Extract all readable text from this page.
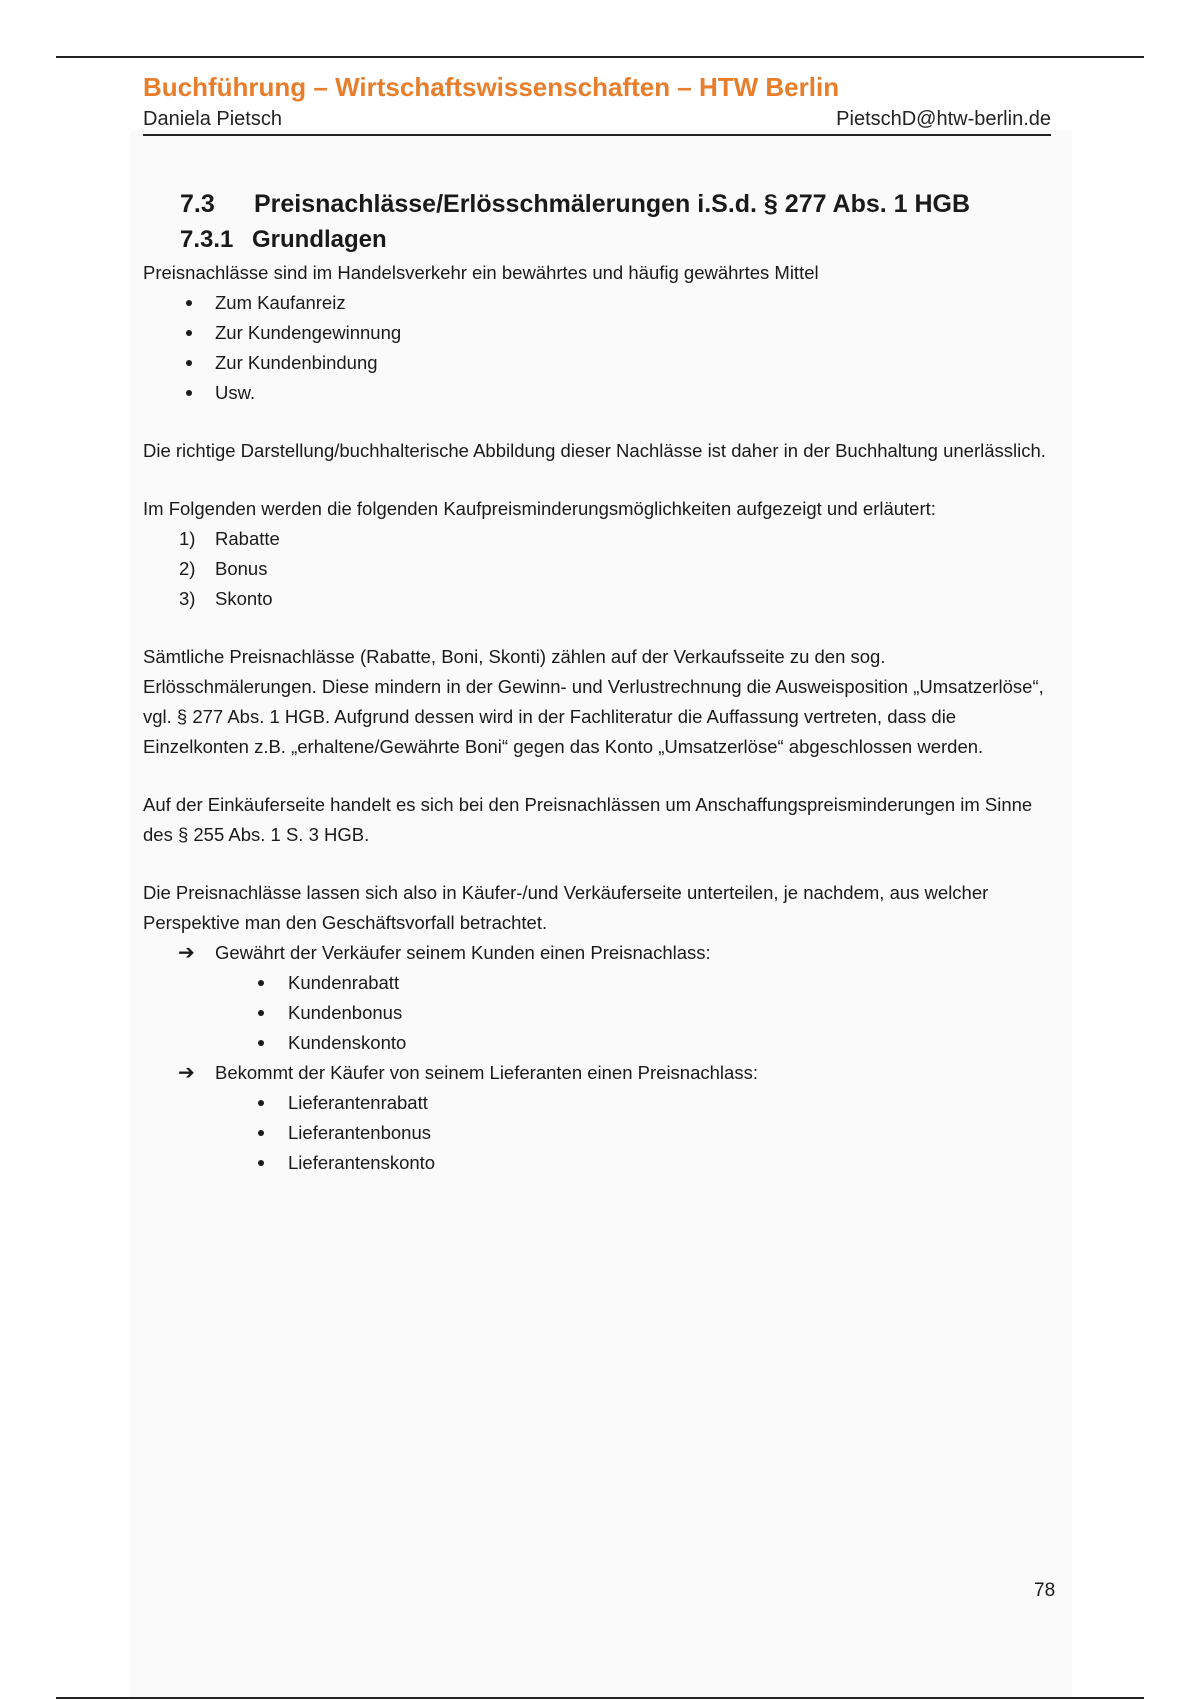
Buchführung – Wirtschaftswissenschaften – HTW Berlin
Daniela Pietsch	PietschD@htw-berlin.de
7.3 Preisnachlässe/Erlösschmälerungen i.S.d. § 277 Abs. 1 HGB
7.3.1 Grundlagen

Preisnachlässe sind im Handelsverkehr ein bewährtes und häufig gewährtes Mittel

Zum Kaufanreiz
Zur Kundengewinnung
Zur Kundenbindung
Usw.

Die richtige Darstellung/buchhalterische Abbildung dieser Nachlässe ist daher in der Buchhaltung unerlässlich.

Im Folgenden werden die folgenden Kaufpreisminderungsmöglichkeiten aufgezeigt und erläutert:

1) Rabatte
2) Bonus
3) Skonto

Sämtliche Preisnachlässe (Rabatte, Boni, Skonti) zählen auf der Verkaufsseite zu den sog. Erlösschmälerungen. Diese mindern in der Gewinn- und Verlustrechnung die Ausweisposition „Umsatzerlöse“, vgl. § 277 Abs. 1 HGB. Aufgrund dessen wird in der Fachliteratur die Auffassung vertreten, dass die Einzelkonten z.B. „erhaltene/Gewährte Boni“ gegen das Konto „Umsatzerlöse“ abgeschlossen werden.

Auf der Einkäuferseite handelt es sich bei den Preisnachlässen um Anschaffungspreisminderungen im Sinne des § 255 Abs. 1 S. 3 HGB.

Die Preisnachlässe lassen sich also in Käufer-/und Verkäuferseite unterteilen, je nachdem, aus welcher Perspektive man den Geschäftsvorfall betrachtet.

➔ Gewährt der Verkäufer seinem Kunden einen Preisnachlass:
Kundenrabatt
Kundenbonus
Kundenskonto
➔ Bekommt der Käufer von seinem Lieferanten einen Preisnachlass:
Lieferantenrabatt
Lieferantenbonus
Lieferantenskonto
78
